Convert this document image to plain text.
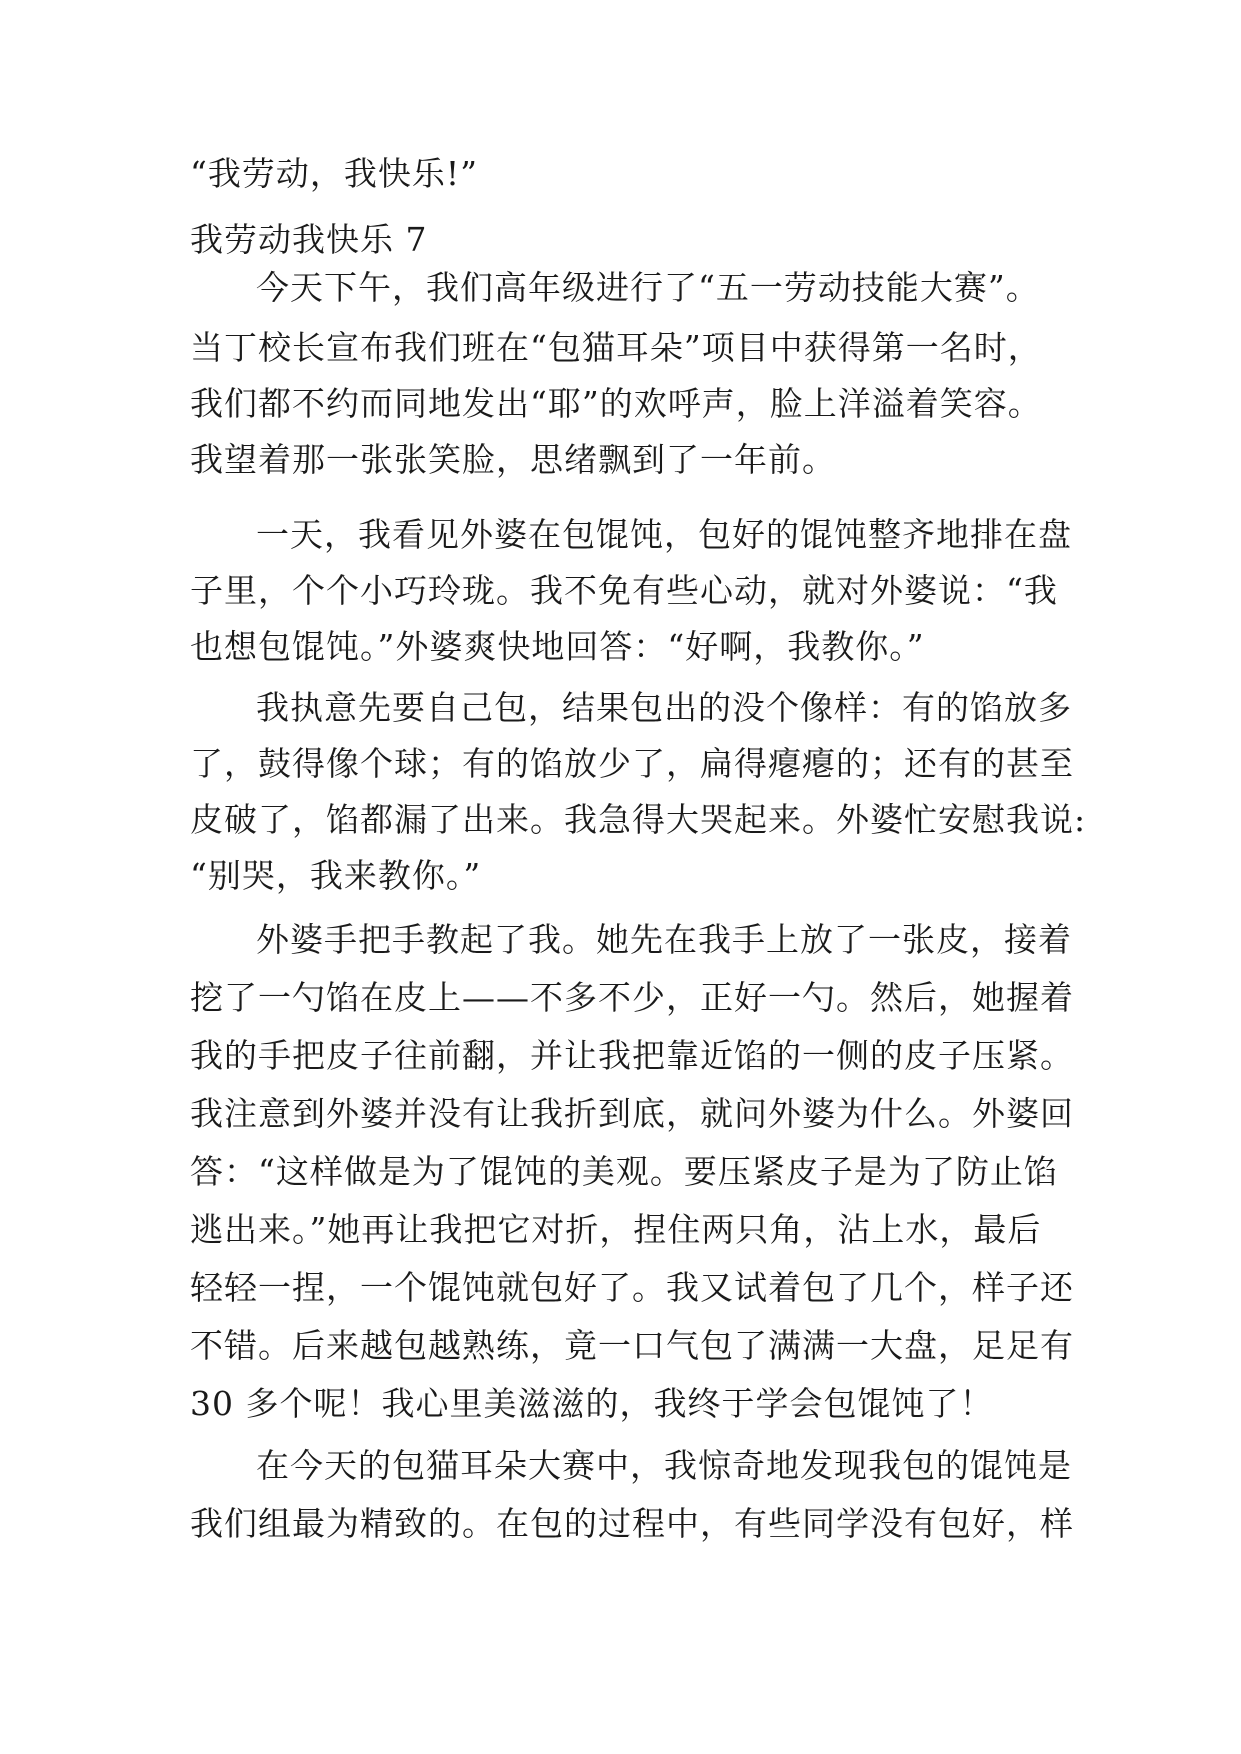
“我劳动，我快乐!”
我劳动我快乐 7
今天下午，我们高年级进行了“五一劳动技能大赛”。
当丁校长宣布我们班在“包猫耳朵”项目中获得第一名时，
我们都不约而同地发出“耶”的欢呼声，脸上洋溢着笑容。
我望着那一张张笑脸，思绪飘到了一年前。
一天，我看见外婆在包馄饨，包好的馄饨整齐地排在盘
子里，个个小巧玲珑。我不免有些心动，就对外婆说：“我
也想包馄饨。”外婆爽快地回答：“好啊，我教你。”
我执意先要自己包，结果包出的没个像样：有的馅放多
了，鼓得像个球；有的馅放少了，扁得瘪瘪的；还有的甚至
皮破了，馅都漏了出来。我急得大哭起来。外婆忙安慰我说:
“别哭，我来教你。”
外婆手把手教起了我。她先在我手上放了一张皮，接着
挖了一勺馅在皮上——不多不少，正好一勺。然后，她握着
我的手把皮子往前翻，并让我把靠近馅的一侧的皮子压紧。
我注意到外婆并没有让我折到底，就问外婆为什么。外婆回
答：“这样做是为了馄饨的美观。要压紧皮子是为了防止馅
逃出来。”她再让我把它对折，捏住两只角，沾上水，最后
轻轻一捏，一个馄饨就包好了。我又试着包了几个，样子还
不错。后来越包越熟练，竟一口气包了满满一大盘，足足有
30 多个呢！我心里美滋滋的，我终于学会包馄饨了！
在今天的包猫耳朵大赛中，我惊奇地发现我包的馄饨是
我们组最为精致的。在包的过程中，有些同学没有包好，样
